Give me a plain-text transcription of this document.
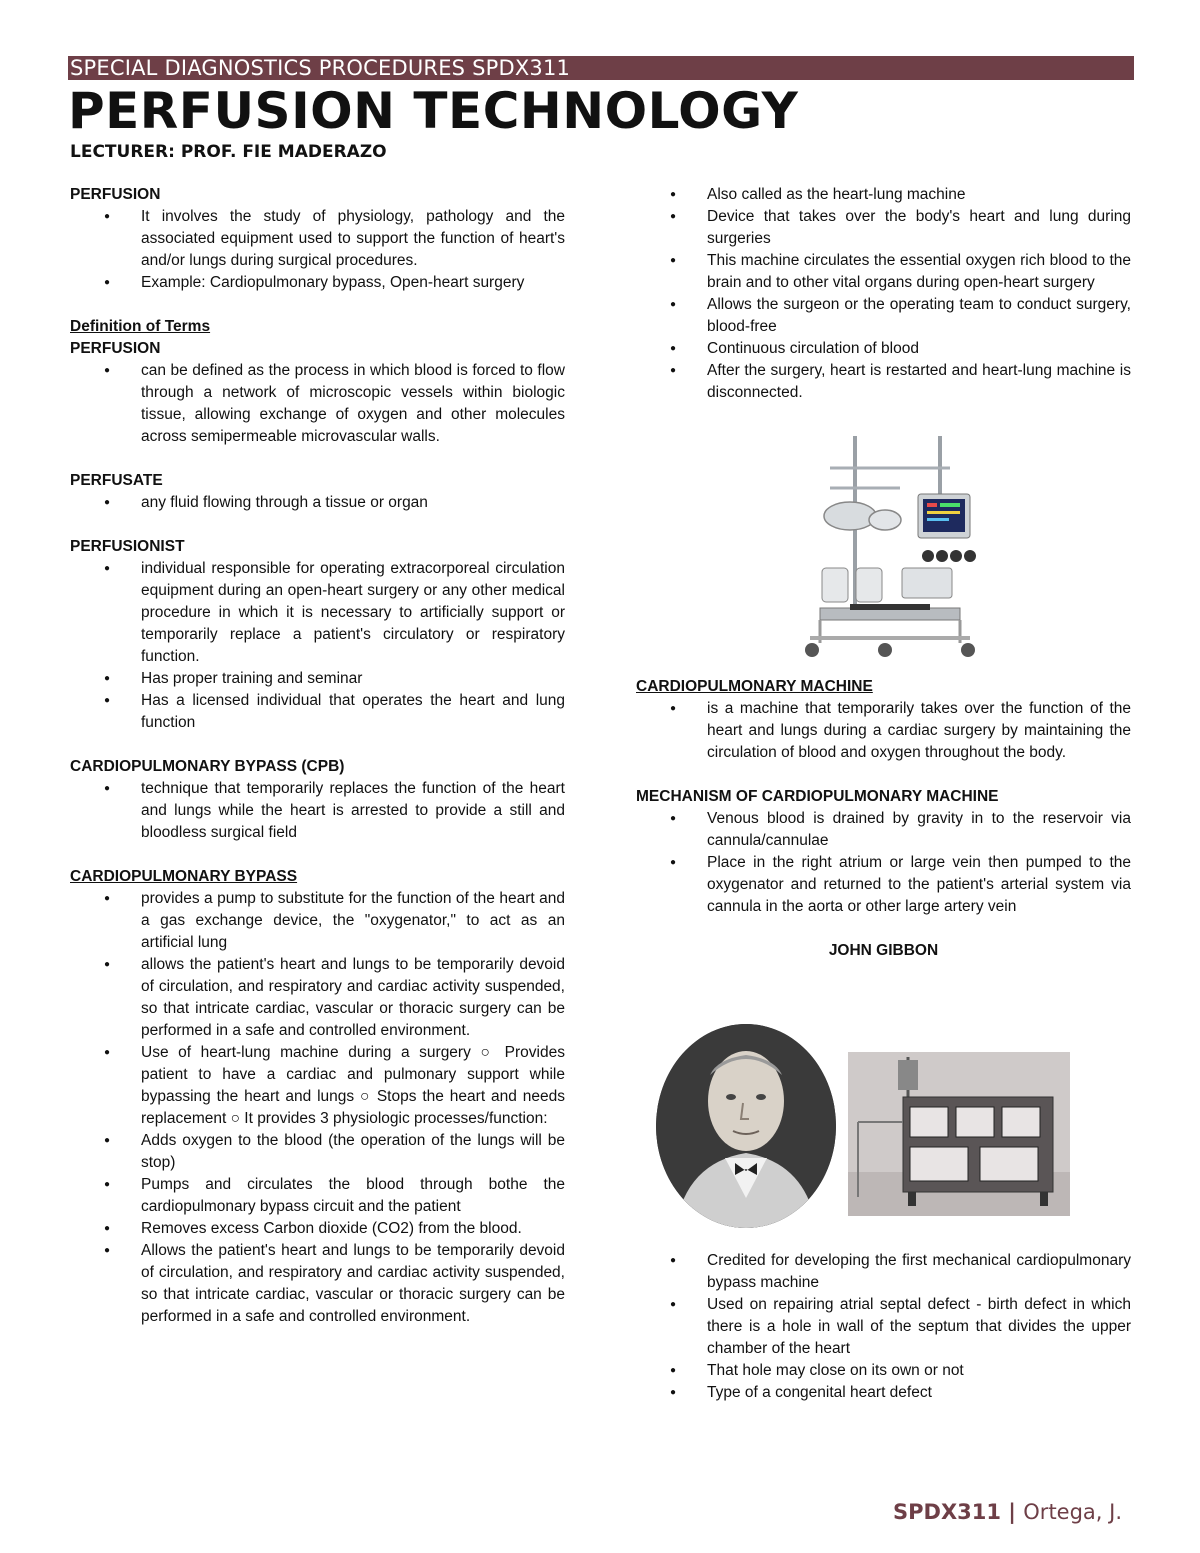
SPECIAL DIAGNOSTICS PROCEDURES SPDX311
PERFUSION TECHNOLOGY
LECTURER: PROF. FIE MADERAZO

PERFUSION

● It involves the study of physiology, pathology and the associated equipment used to support the function of heart's and/or lungs during surgical procedures.
● Example: Cardiopulmonary bypass, Open-heart surgery

Definition of Terms

PERFUSION

● can be defined as the process in which blood is forced to flow through a network of microscopic vessels within biologic tissue, allowing exchange of oxygen and other molecules across semipermeable microvascular walls.

PERFUSATE

● any fluid flowing through a tissue or organ

PERFUSIONIST

● individual responsible for operating extracorporeal circulation equipment during an open-heart surgery or any other medical procedure in which it is necessary to artificially support or temporarily replace a patient's circulatory or respiratory function.
● Has proper training and seminar
● Has a licensed individual that operates the heart and lung function

CARDIOPULMONARY BYPASS (CPB)

● technique that temporarily replaces the function of the heart and lungs while the heart is arrested to provide a still and bloodless surgical field

CARDIOPULMONARY BYPASS

● provides a pump to substitute for the function of the heart and a gas exchange device, the "oxygenator," to act as an artificial lung
● allows the patient's heart and lungs to be temporarily devoid of circulation, and respiratory and cardiac activity suspended, so that intricate cardiac, vascular or thoracic surgery can be performed in a safe and controlled environment.
● Use of heart-lung machine during a surgery ○ Provides patient to have a cardiac and pulmonary support while bypassing the heart and lungs ○ Stops the heart and needs replacement ○ It provides 3 physiologic processes/function:
● Adds oxygen to the blood (the operation of the lungs will be stop)
● Pumps and circulates the blood through bothe the cardiopulmonary bypass circuit and the patient
● Removes excess Carbon dioxide (CO2) from the blood.
● Allows the patient's heart and lungs to be temporarily devoid of circulation, and respiratory and cardiac activity suspended, so that intricate cardiac, vascular or thoracic surgery can be performed in a safe and controlled environment.
● Also called as the heart-lung machine
● Device that takes over the body's heart and lung during surgeries
● This machine circulates the essential oxygen rich blood to the brain and to other vital organs during open-heart surgery
● Allows the surgeon or the operating team to conduct surgery, blood-free
● Continuous circulation of blood
● After the surgery, heart is restarted and heart-lung machine is disconnected.

CARDIOPULMONARY MACHINE

● is a machine that temporarily takes over the function of the heart and lungs during a cardiac surgery by maintaining the circulation of blood and oxygen throughout the body.

MECHANISM OF CARDIOPULMONARY MACHINE

● Venous blood is drained by gravity in to the reservoir via cannula/cannulae
● Place in the right atrium or large vein then pumped to the oxygenator and returned to the patient's arterial system via cannula in the aorta or other large artery vein

JOHN GIBBON

● Credited for developing the first mechanical cardiopulmonary bypass machine
● Used on repairing atrial septal defect - birth defect in which there is a hole in wall of the septum that divides the upper chamber of the heart
● That hole may close on its own or not
● Type of a congenital heart defect
SPDX311 | Ortega, J.
